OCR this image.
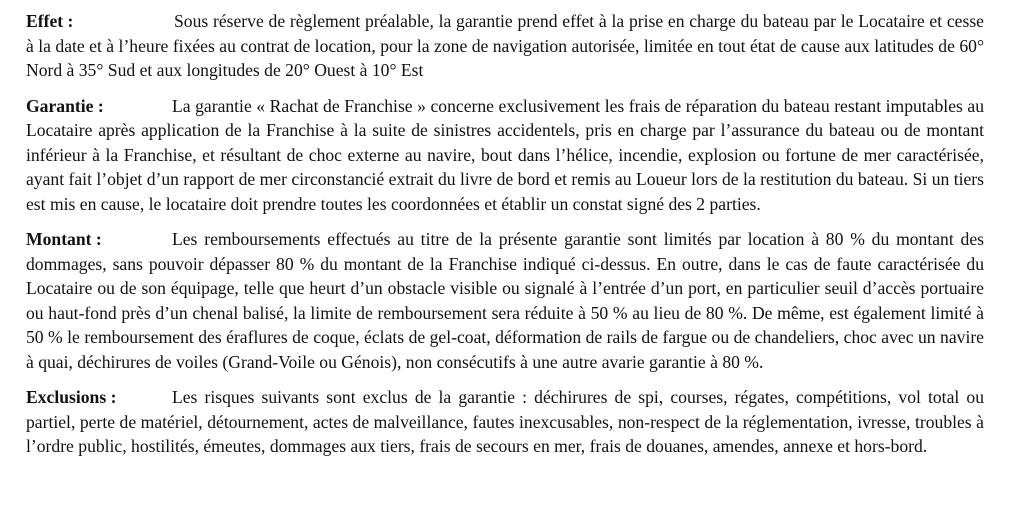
Effet :	Sous réserve de règlement préalable, la garantie prend effet à la prise en charge du bateau par le Locataire et cesse à la date et à l’heure fixées au contrat de location, pour la zone de navigation autorisée, limitée en tout état de cause aux latitudes de 60° Nord à 35° Sud et aux longitudes de 20° Ouest à 10° Est

Garantie :	La garantie « Rachat de Franchise » concerne exclusivement les frais de réparation du bateau restant imputables au Locataire après application de la Franchise à la suite de sinistres accidentels, pris en charge par l’assurance du bateau ou de montant inférieur à la Franchise, et résultant de choc externe au navire, bout dans l’hélice, incendie, explosion ou fortune de mer caractérisée, ayant fait l’objet d’un rapport de mer circonstancié extrait du livre de bord et remis au Loueur lors de la restitution du bateau. Si un tiers est mis en cause, le locataire doit prendre toutes les coordonnées et établir un constat signé des 2 parties.

Montant :	Les remboursements effectués au titre de la présente garantie sont limités par location à 80 % du montant des dommages, sans pouvoir dépasser 80 % du montant de la Franchise indiqué ci-dessus. En outre, dans le cas de faute caractérisée du Locataire ou de son équipage, telle que heurt d’un obstacle visible ou signalé à l’entrée d’un port, en particulier seuil d’accès portuaire ou haut-fond près d’un chenal balisé, la limite de remboursement sera réduite à 50 % au lieu de 80 %. De même, est également limité à 50 % le remboursement des éraflures de coque, éclats de gel-coat, déformation de rails de fargue ou de chandeliers, choc avec un navire à quai, déchirures de voiles (Grand-Voile ou Génois), non consécutifs à une autre avarie garantie à 80 %.

Exclusions :	Les risques suivants sont exclus de la garantie : déchirures de spi, courses, régates, compétitions, vol total ou partiel, perte de matériel, détournement, actes de malveillance, fautes inexcusables, non-respect de la réglementation, ivresse, troubles à l’ordre public, hostilités, émeutes, dommages aux tiers, frais de secours en mer, frais de douanes, amendes, annexe et hors-bord.
